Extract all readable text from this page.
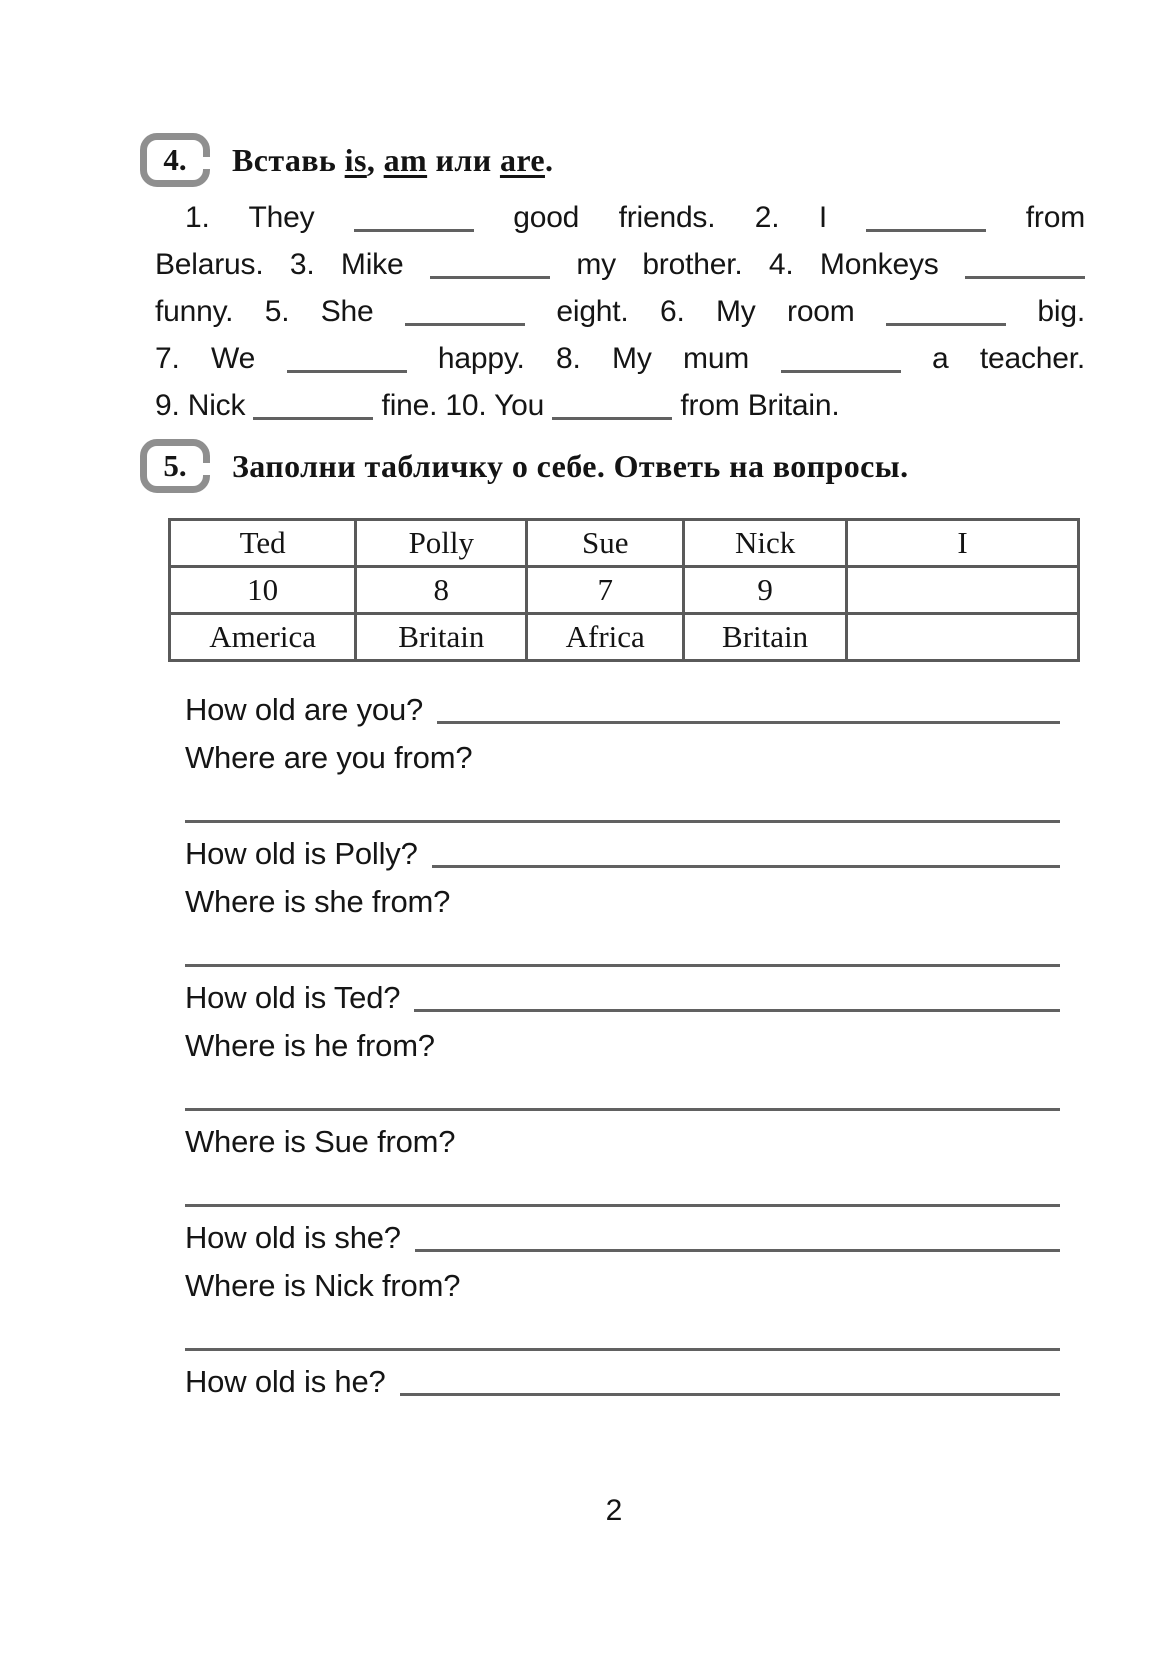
4.	Вставь is, am или are.
1. They	good friends. 2. I	from
Belarus. 3. Mike	my brother. 4. Monkeys
funny. 5. She	eight. 6. My room	big.
7. We	happy. 8. My mum	a teacher.
9. Nick	fine. 10. You	from Britain.
5.	Заполни табличку о себе. Ответь на вопросы.
Ted	Polly	Sue	Nick	I
10	8	7	9	
America	Britain	Africa	Britain	
How old are you?
Where are you from?
How old is Polly?
Where is she from?
How old is Ted?
Where is he from?
Where is Sue from?
How old is she?
Where is Nick from?
How old is he?
2
